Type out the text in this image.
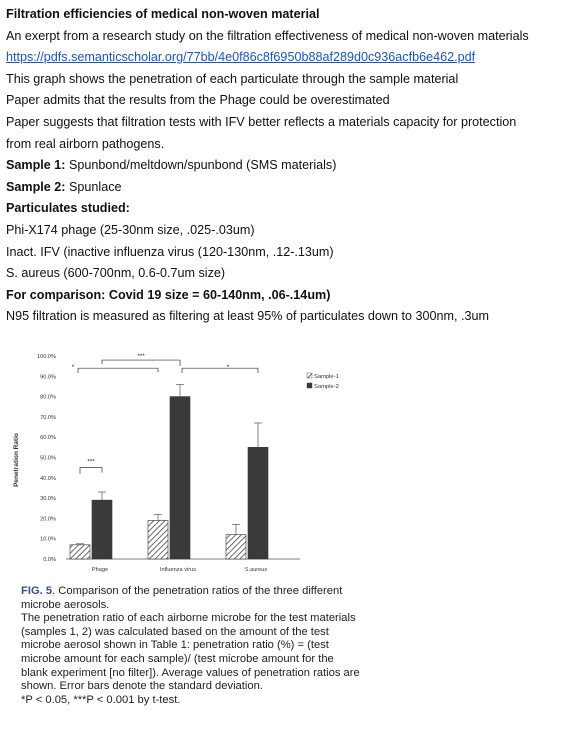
Filtration efficiencies of medical non-woven material
An exerpt from a research study on the filtration effectiveness of medical non-woven materials
https://pdfs.semanticscholar.org/77bb/4e0f86c8f6950b88af289d0c936acfb6e462.pdf
This graph shows the penetration of each particulate through the sample material
Paper admits that the results from the Phage could be overestimated
Paper suggests that filtration tests with IFV better reflects a materials capacity for protection
from real airborn pathogens.
Sample 1: Spunbond/meltdown/spunbond (SMS materials)
Sample 2: Spunlace
Particulates studied:
Phi-X174 phage (25-30nm size, .025-.03um)
Inact. IFV (inactive influenza virus (120-130nm, .12-.13um)
S. aureus (600-700nm, 0.6-0.7um size)
For comparison: Covid 19 size = 60-140nm, .06-.14um)
N95 filtration is measured as filtering at least 95% of particulates down to 300nm, .3um
Penetration Ratio
0.0%
10.0%
20.0%
30.0%
40.0%
50.0%
60.0%
70.0%
80.0%
90.0%
100.0%
Phage	Influenza virus	S.aureus
***
*
***
*
Sample-1
Sample-2
FIG. 5. Comparison of the penetration ratios of the three different microbe aerosols.
The penetration ratio of each airborne microbe for the test materials (samples 1, 2) was calculated based on the amount of the test microbe aerosol shown in Table 1: penetration ratio (%) = (test microbe amount for each sample)/ (test microbe amount for the blank experiment [no filter]). Average values of penetration ratios are shown. Error bars denote the standard deviation.
*P < 0.05, ***P < 0.001 by t-test.
